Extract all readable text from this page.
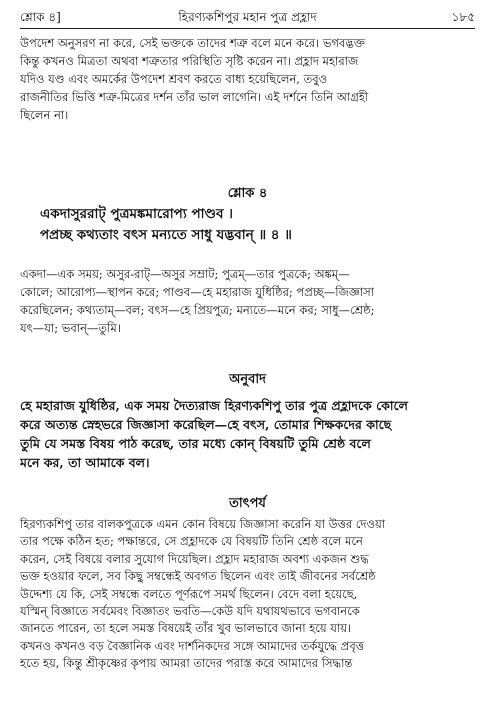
শ্লোক ৪]	হিরণ্যকশিপুর মহান পুত্র প্রহ্লাদ	১৮৫
উপদেশ অনুসরণ না করে, সেই ভক্তকে তাদের শত্রু বলে মনে করে। ভগবদ্ভক্ত
কিন্তু কখনও মিত্রতা অথবা শত্রুতার পরিস্থিতি সৃষ্টি করেন না। প্রহ্লাদ মহারাজ
যদিও যণ্ড এবং অমর্কের উপদেশ শ্রবণ করতে বাধ্য হয়েছিলেন, তবুও
রাজনীতির ভিত্তি শত্রু-মিত্রের দর্শন তাঁর ভাল লাগেনি। এই দর্শনে তিনি আগ্রহী
ছিলেন না।
শ্লোক ৪
একদাসুররাট্ পুত্রমঙ্কমারোপ্য পাণ্ডব ।
পপ্রচ্ছ কথ্যতাং বৎস মন্যতে সাধু যদ্ভবান্ ॥ ৪ ॥
একদা—এক সময়; অসুর-রাট্—অসুর সম্রাট; পুত্রম্—তার পুত্রকে; অঙ্কম্—
কোলে; আরোপ্য—স্থাপন করে; পাণ্ডব—হে মহারাজ যুধিষ্ঠির; পপ্রচ্ছ—জিজ্ঞাসা
করেছিলেন; কথ্যতাম্—বল; বৎস—হে প্রিয়পুত্র; মন্যতে—মনে কর; সাধু—শ্রেষ্ঠ;
যৎ—যা; ভবান্—তুমি।
অনুবাদ
হে মহারাজ যুধিষ্ঠির, এক সময় দৈত্যরাজ হিরণ্যকশিপু তার পুত্র প্রহ্লাদকে কোলে
করে অত্যন্ত স্নেহভরে জিজ্ঞাসা করেছিল—হে বৎস, তোমার শিক্ষকদের কাছে
তুমি যে সমস্ত বিষয় পাঠ করেছ, তার মধ্যে কোন্ বিষয়টি তুমি শ্রেষ্ঠ বলে
মনে কর, তা আমাকে বল।
তাৎপর্য
হিরণ্যকশিপু তার বালকপুত্রকে এমন কোন বিষয়ে জিজ্ঞাসা করেনি যা উত্তর দেওয়া
তার পক্ষে কঠিন হত; পক্ষান্তরে, সে প্রহ্লাদকে যে বিষয়টি তিনি শ্রেষ্ঠ বলে মনে
করেন, সেই বিষয়ে বলার সুযোগ দিয়েছিল। প্রহ্লাদ মহারাজ অবশ্য একজন শুদ্ধ
ভক্ত হওয়ার ফলে, সব কিছু সম্বন্ধেই অবগত ছিলেন এবং তাই জীবনের সর্বশ্রেষ্ঠ
উদ্দেশ্য যে কি, সেই সম্বন্ধে বলতে পূর্ণরূপে সমর্থ ছিলেন। বেদে বলা হয়েছে,
যস্মিন্ বিজ্ঞাতে সর্বমেবং বিজ্ঞাতং ভবতি—কেউ যদি যথাযথভাবে ভগবানকে
জানতে পারেন, তা হলে সমস্ত বিষয়েই তাঁর খুব ভালভাবে জানা হয়ে যায়।
কখনও কখনও বড় বৈজ্ঞানিক এবং দার্শনিকদের সঙ্গে আমাদের তর্কযুদ্ধে প্রবৃত্ত
হতে হয়, কিন্তু শ্রীকৃষ্ণের কৃপায় আমরা তাদের পরাস্ত করে আমাদের সিদ্ধান্ত
